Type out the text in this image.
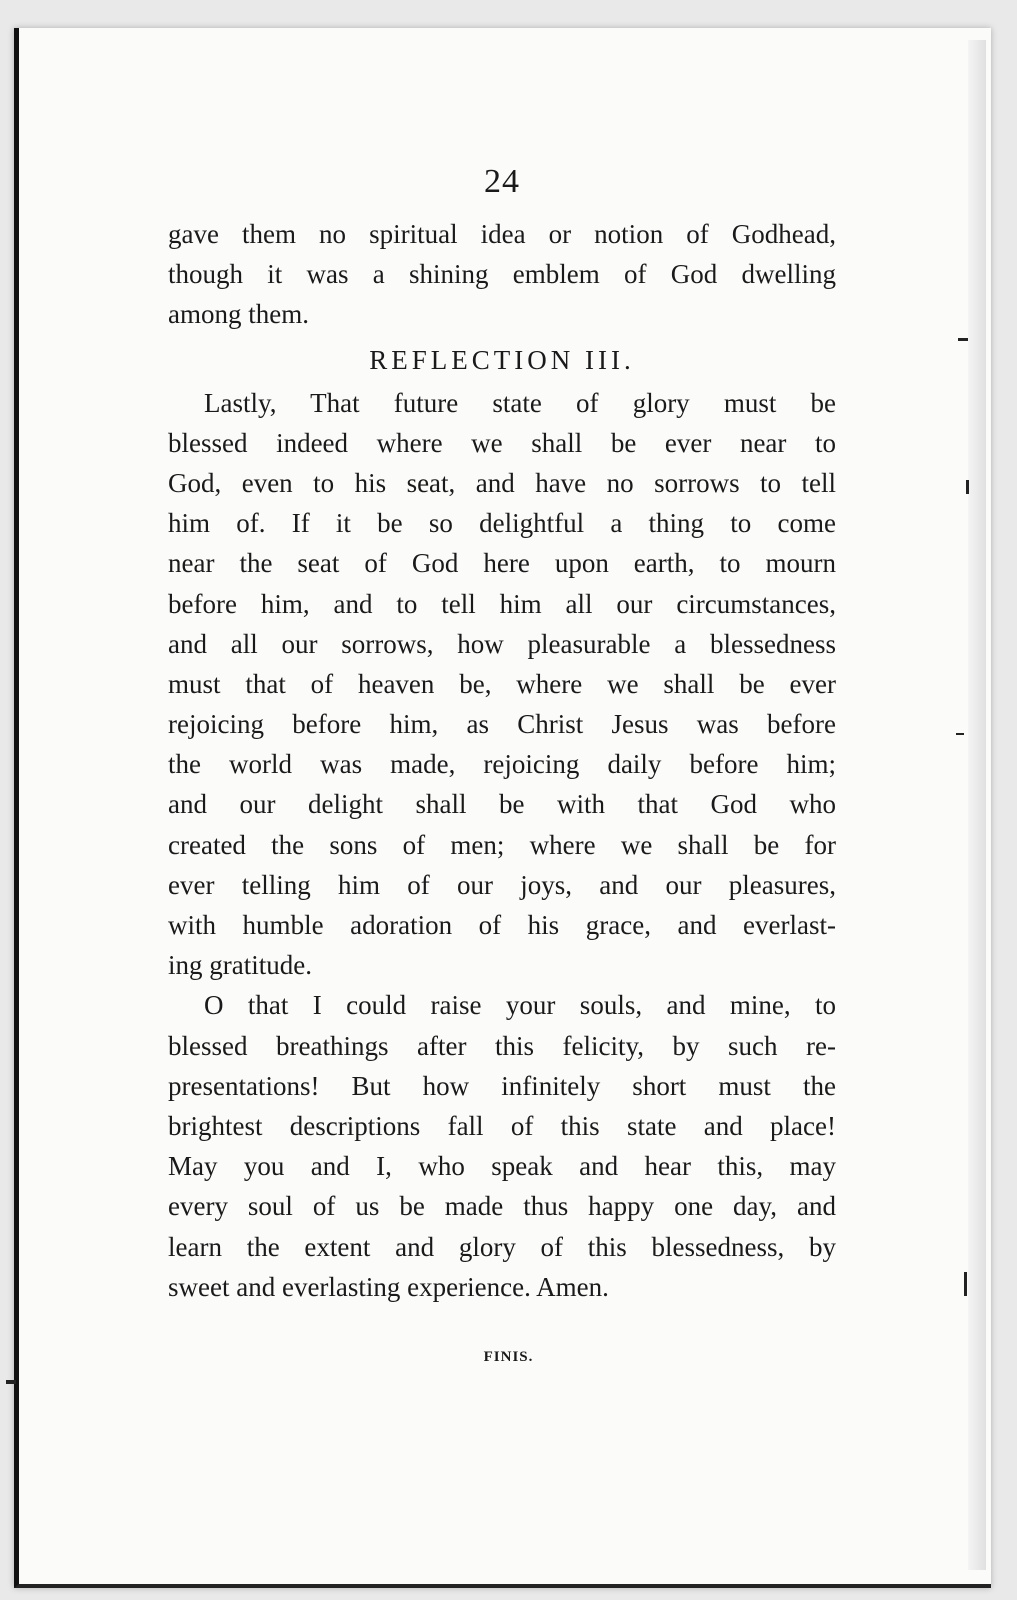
24
gave them no spiritual idea or notion of Godhead,
though it was a shining emblem of God dwelling
among them.
REFLECTION III.
Lastly, That future state of glory must be
blessed indeed where we shall be ever near to
God, even to his seat, and have no sorrows to tell
him of. If it be so delightful a thing to come
near the seat of God here upon earth, to mourn
before him, and to tell him all our circumstances,
and all our sorrows, how pleasurable a blessedness
must that of heaven be, where we shall be ever
rejoicing before him, as Christ Jesus was before
the world was made, rejoicing daily before him;
and our delight shall be with that God who
created the sons of men; where we shall be for
ever telling him of our joys, and our pleasures,
with humble adoration of his grace, and everlast-
ing gratitude.
O that I could raise your souls, and mine, to
blessed breathings after this felicity, by such re-
presentations! But how infinitely short must the
brightest descriptions fall of this state and place!
May you and I, who speak and hear this, may
every soul of us be made thus happy one day, and
learn the extent and glory of this blessedness, by
sweet and everlasting experience. Amen.
FINIS.
